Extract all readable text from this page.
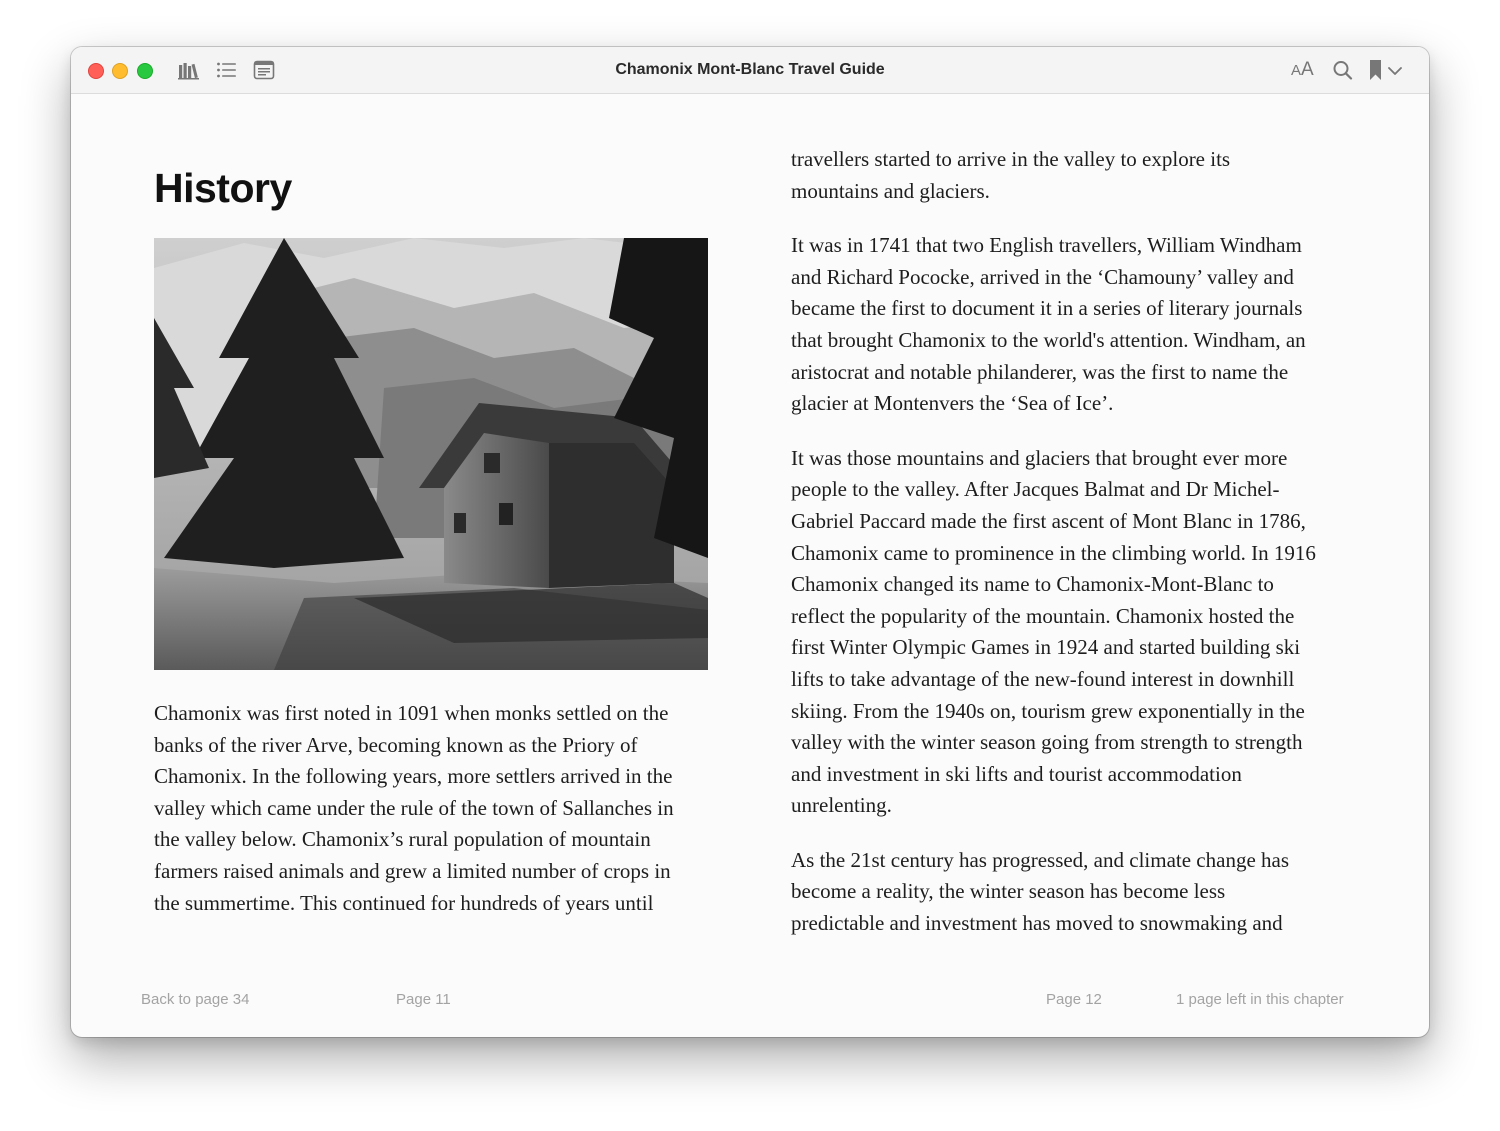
Chamonix Mont-Blanc Travel Guide	AA
History
Chamonix was first noted in 1091 when monks settled on the
banks of the river Arve, becoming known as the Priory of
Chamonix. In the following years, more settlers arrived in the
valley which came under the rule of the town of Sallanches in
the valley below. Chamonix’s rural population of mountain
farmers raised animals and grew a limited number of crops in
the summertime. This continued for hundreds of years until

travellers started to arrive in the valley to explore its
mountains and glaciers.

It was in 1741 that two English travellers, William Windham
and Richard Pococke, arrived in the ‘Chamouny’ valley and
became the first to document it in a series of literary journals
that brought Chamonix to the world's attention. Windham, an
aristocrat and notable philanderer, was the first to name the
glacier at Montenvers the ‘Sea of Ice’.

It was those mountains and glaciers that brought ever more
people to the valley. After Jacques Balmat and Dr Michel-
Gabriel Paccard made the first ascent of Mont Blanc in 1786,
Chamonix came to prominence in the climbing world. In 1916
Chamonix changed its name to Chamonix-Mont-Blanc to
reflect the popularity of the mountain. Chamonix hosted the
first Winter Olympic Games in 1924 and started building ski
lifts to take advantage of the new-found interest in downhill
skiing. From the 1940s on, tourism grew exponentially in the
valley with the winter season going from strength to strength
and investment in ski lifts and tourist accommodation
unrelenting.

As the 21st century has progressed, and climate change has
become a reality, the winter season has become less
predictable and investment has moved to snowmaking and

Back to page 34	Page 11	Page 12	1 page left in this chapter
